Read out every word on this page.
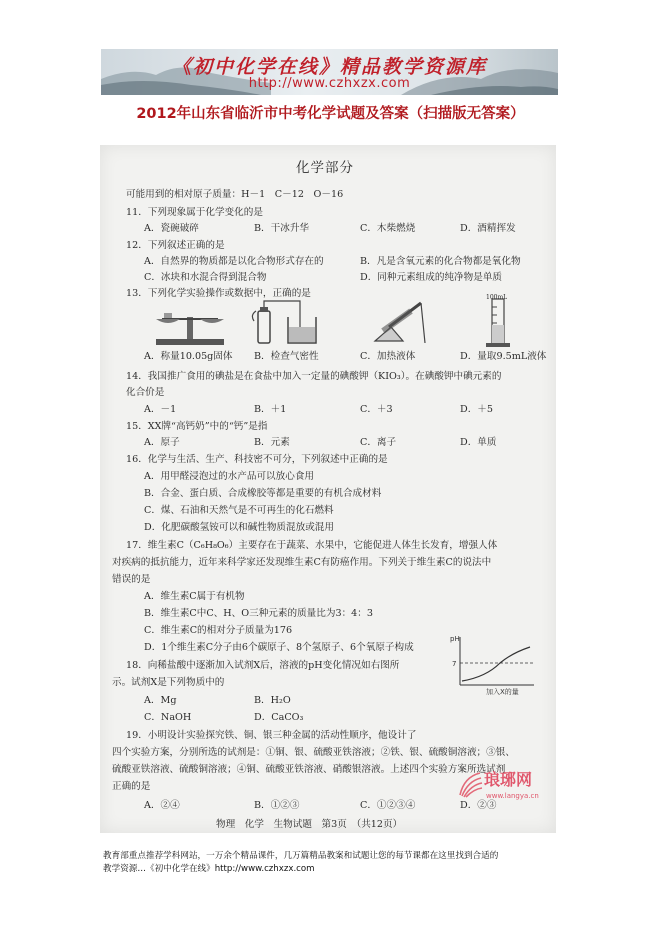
《初中化学在线》精品教学资源库
http://www.czhxzx.com
2012年山东省临沂市中考化学试题及答案（扫描版无答案）
化学部分
可能用到的相对原子质量：H－1　C－12　O－16
11．下列现象属于化学变化的是
A．瓷碗破碎	B．干冰升华	C．木柴燃烧	D．酒精挥发
12．下列叙述正确的是
A．自然界的物质都是以化合物形式存在的	B．凡是含氧元素的化合物都是氧化物
C．冰块和水混合得到混合物	D．同种元素组成的纯净物是单质
13．下列化学实验操作或数据中，正确的是	100mL
A．称量10.05g固体 B．检查气密性	C．加热液体	D．量取9.5mL液体
14．我国推广食用的碘盐是在食盐中加入一定量的碘酸钾（KIO₃）。在碘酸钾中碘元素的
化合价是
A．－1	B．＋1	C．＋3	D．＋5
15．XX牌“高钙奶”中的“钙”是指
A．原子	B．元素	C．离子	D．单质
16．化学与生活、生产、科技密不可分，下列叙述中正确的是
A．用甲醛浸泡过的水产品可以放心食用
B．合金、蛋白质、合成橡胶等都是重要的有机合成材料
C．煤、石油和天然气是不可再生的化石燃料
D．化肥碳酸氢铵可以和碱性物质混放或混用
17．维生素C（C₆H₈O₆）主要存在于蔬菜、水果中，它能促进人体生长发育，增强人体
对疾病的抵抗能力，近年来科学家还发现维生素C有防癌作用。下列关于维生素C的说法中
错误的是
A．维生素C属于有机物
B．维生素C中C、H、O三种元素的质量比为3：4：3
C．维生素C的相对分子质量为176
D．1个维生素C分子由6个碳原子、8个氢原子、6个氧原子构成
18．向稀盐酸中逐渐加入试剂X后，溶液的pH变化情况如右图所
示。试剂X是下列物质中的
A．Mg	B．H₂O
C．NaOH	D．CaCO₃
pH
7
加入X的量
19．小明设计实验探究铁、铜、银三种金属的活动性顺序，他设计了
四个实验方案，分别所选的试剂是：①铜、银、硫酸亚铁溶液；②铁、银、硫酸铜溶液；③银、
硫酸亚铁溶液、硫酸铜溶液；④铜、硫酸亚铁溶液、硝酸银溶液。上述四个实验方案所选试剂
正确的是
A．②④	B．①②③	C．①②③④	D．②③
琅琊网
www.langya.cn
物理　化学　生物试题　第3页　（共12页）
教育部重点推荐学科网站，一万余个精品课件，几万篇精品教案和试题让您的每节课都在这里找到合适的
教学资源…《初中化学在线》http://www.czhxzx.com
